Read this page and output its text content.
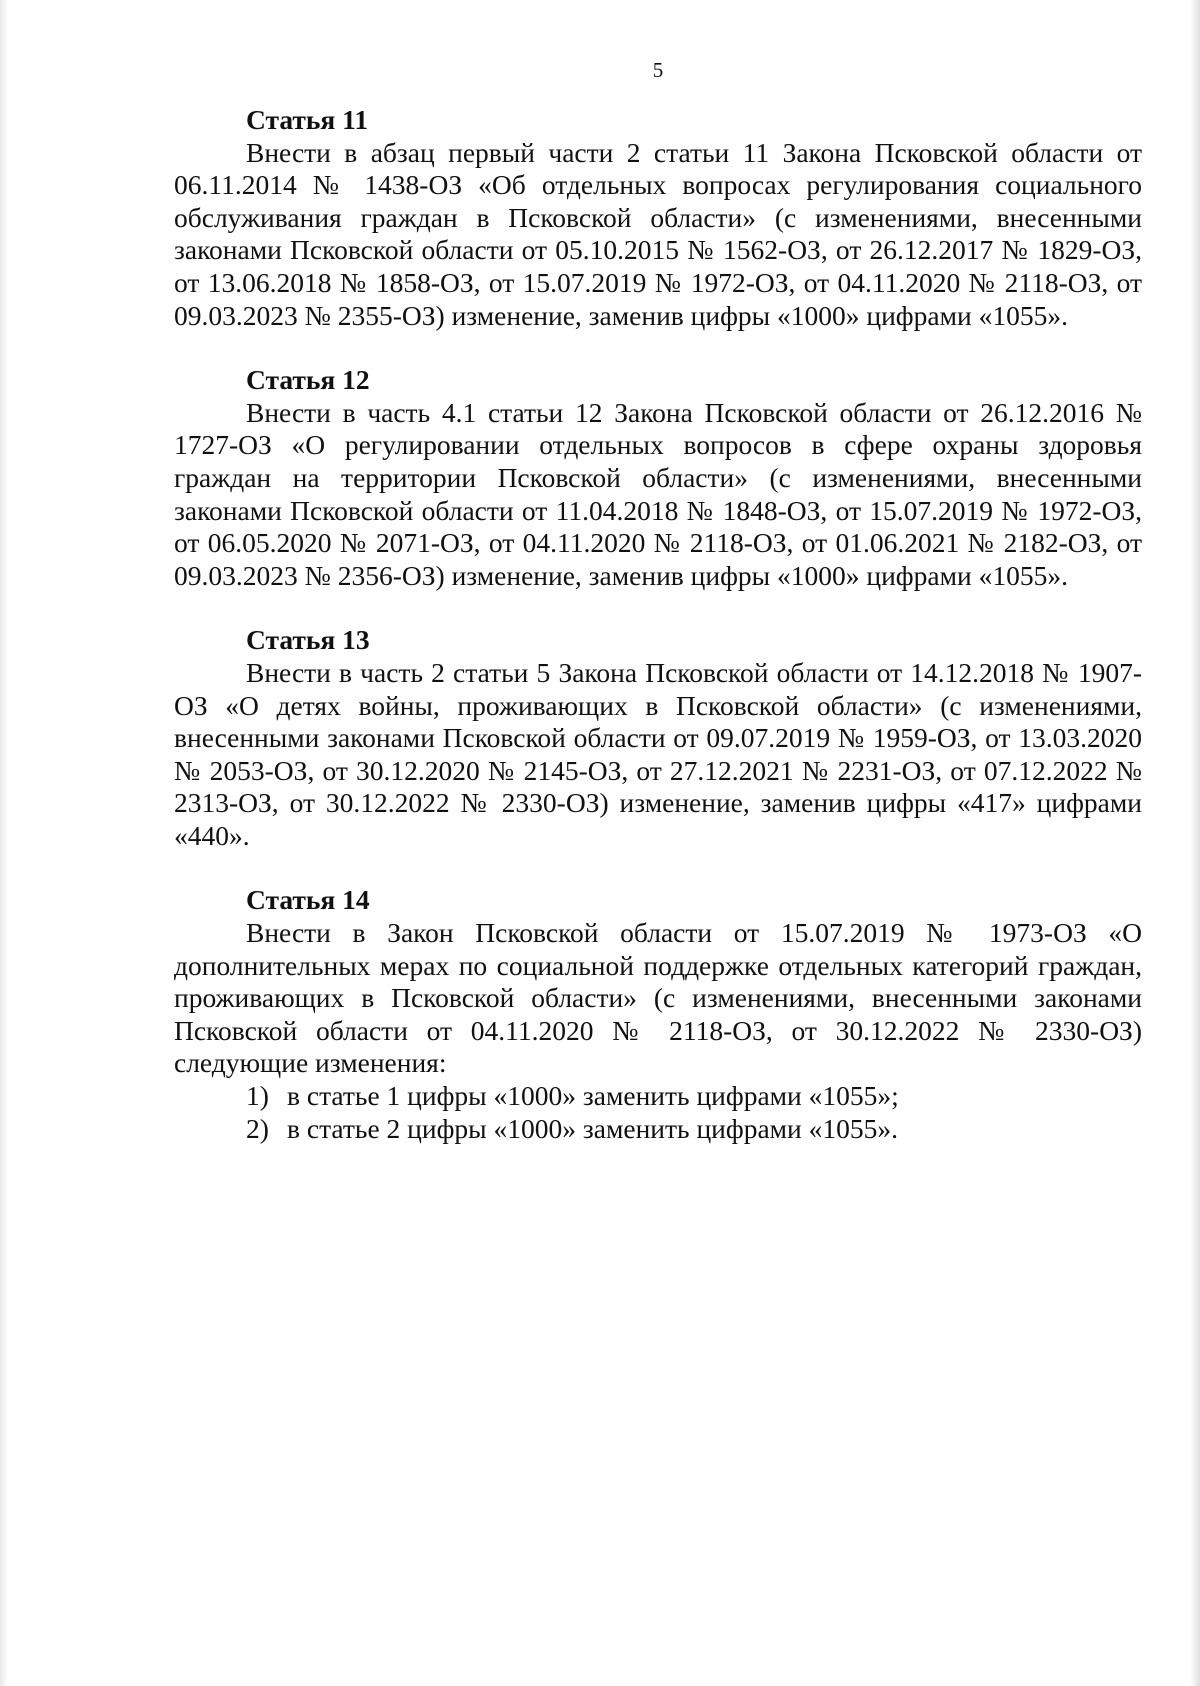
5

Статья 11

Внести в абзац первый части 2 статьи 11 Закона Псковской области от 06.11.2014 № 1438-ОЗ «Об отдельных вопросах регулирования социального обслуживания граждан в Псковской области» (с изменениями, внесенными законами Псковской области от 05.10.2015 № 1562-ОЗ, от 26.12.2017 № 1829-ОЗ, от 13.06.2018 № 1858-ОЗ, от 15.07.2019 № 1972-ОЗ, от 04.11.2020 № 2118-ОЗ, от 09.03.2023 № 2355-ОЗ) изменение, заменив цифры «1000» цифрами «1055».

Статья 12

Внести в часть 4.1 статьи 12 Закона Псковской области от 26.12.2016 № 1727-ОЗ «О регулировании отдельных вопросов в сфере охраны здоровья граждан на территории Псковской области» (с изменениями, внесенными законами Псковской области от 11.04.2018 № 1848-ОЗ, от 15.07.2019 № 1972-ОЗ, от 06.05.2020 № 2071-ОЗ, от 04.11.2020 № 2118-ОЗ, от 01.06.2021 № 2182-ОЗ, от 09.03.2023 № 2356-ОЗ) изменение, заменив цифры «1000» цифрами «1055».

Статья 13

Внести в часть 2 статьи 5 Закона Псковской области от 14.12.2018 № 1907-ОЗ «О детях войны, проживающих в Псковской области» (с изменениями, внесенными законами Псковской области от 09.07.2019 № 1959-ОЗ, от 13.03.2020 № 2053-ОЗ, от 30.12.2020 № 2145-ОЗ, от 27.12.2021 № 2231-ОЗ, от 07.12.2022 № 2313-ОЗ, от 30.12.2022 № 2330-ОЗ) изменение, заменив цифры «417» цифрами «440».

Статья 14

Внести в Закон Псковской области от 15.07.2019 № 1973-ОЗ «О дополнительных мерах по социальной поддержке отдельных категорий граждан, проживающих в Псковской области» (с изменениями, внесенными законами Псковской области от 04.11.2020 № 2118-ОЗ, от 30.12.2022 № 2330-ОЗ) следующие изменения:

1) в статье 1 цифры «1000» заменить цифрами «1055»;
2) в статье 2 цифры «1000» заменить цифрами «1055».
